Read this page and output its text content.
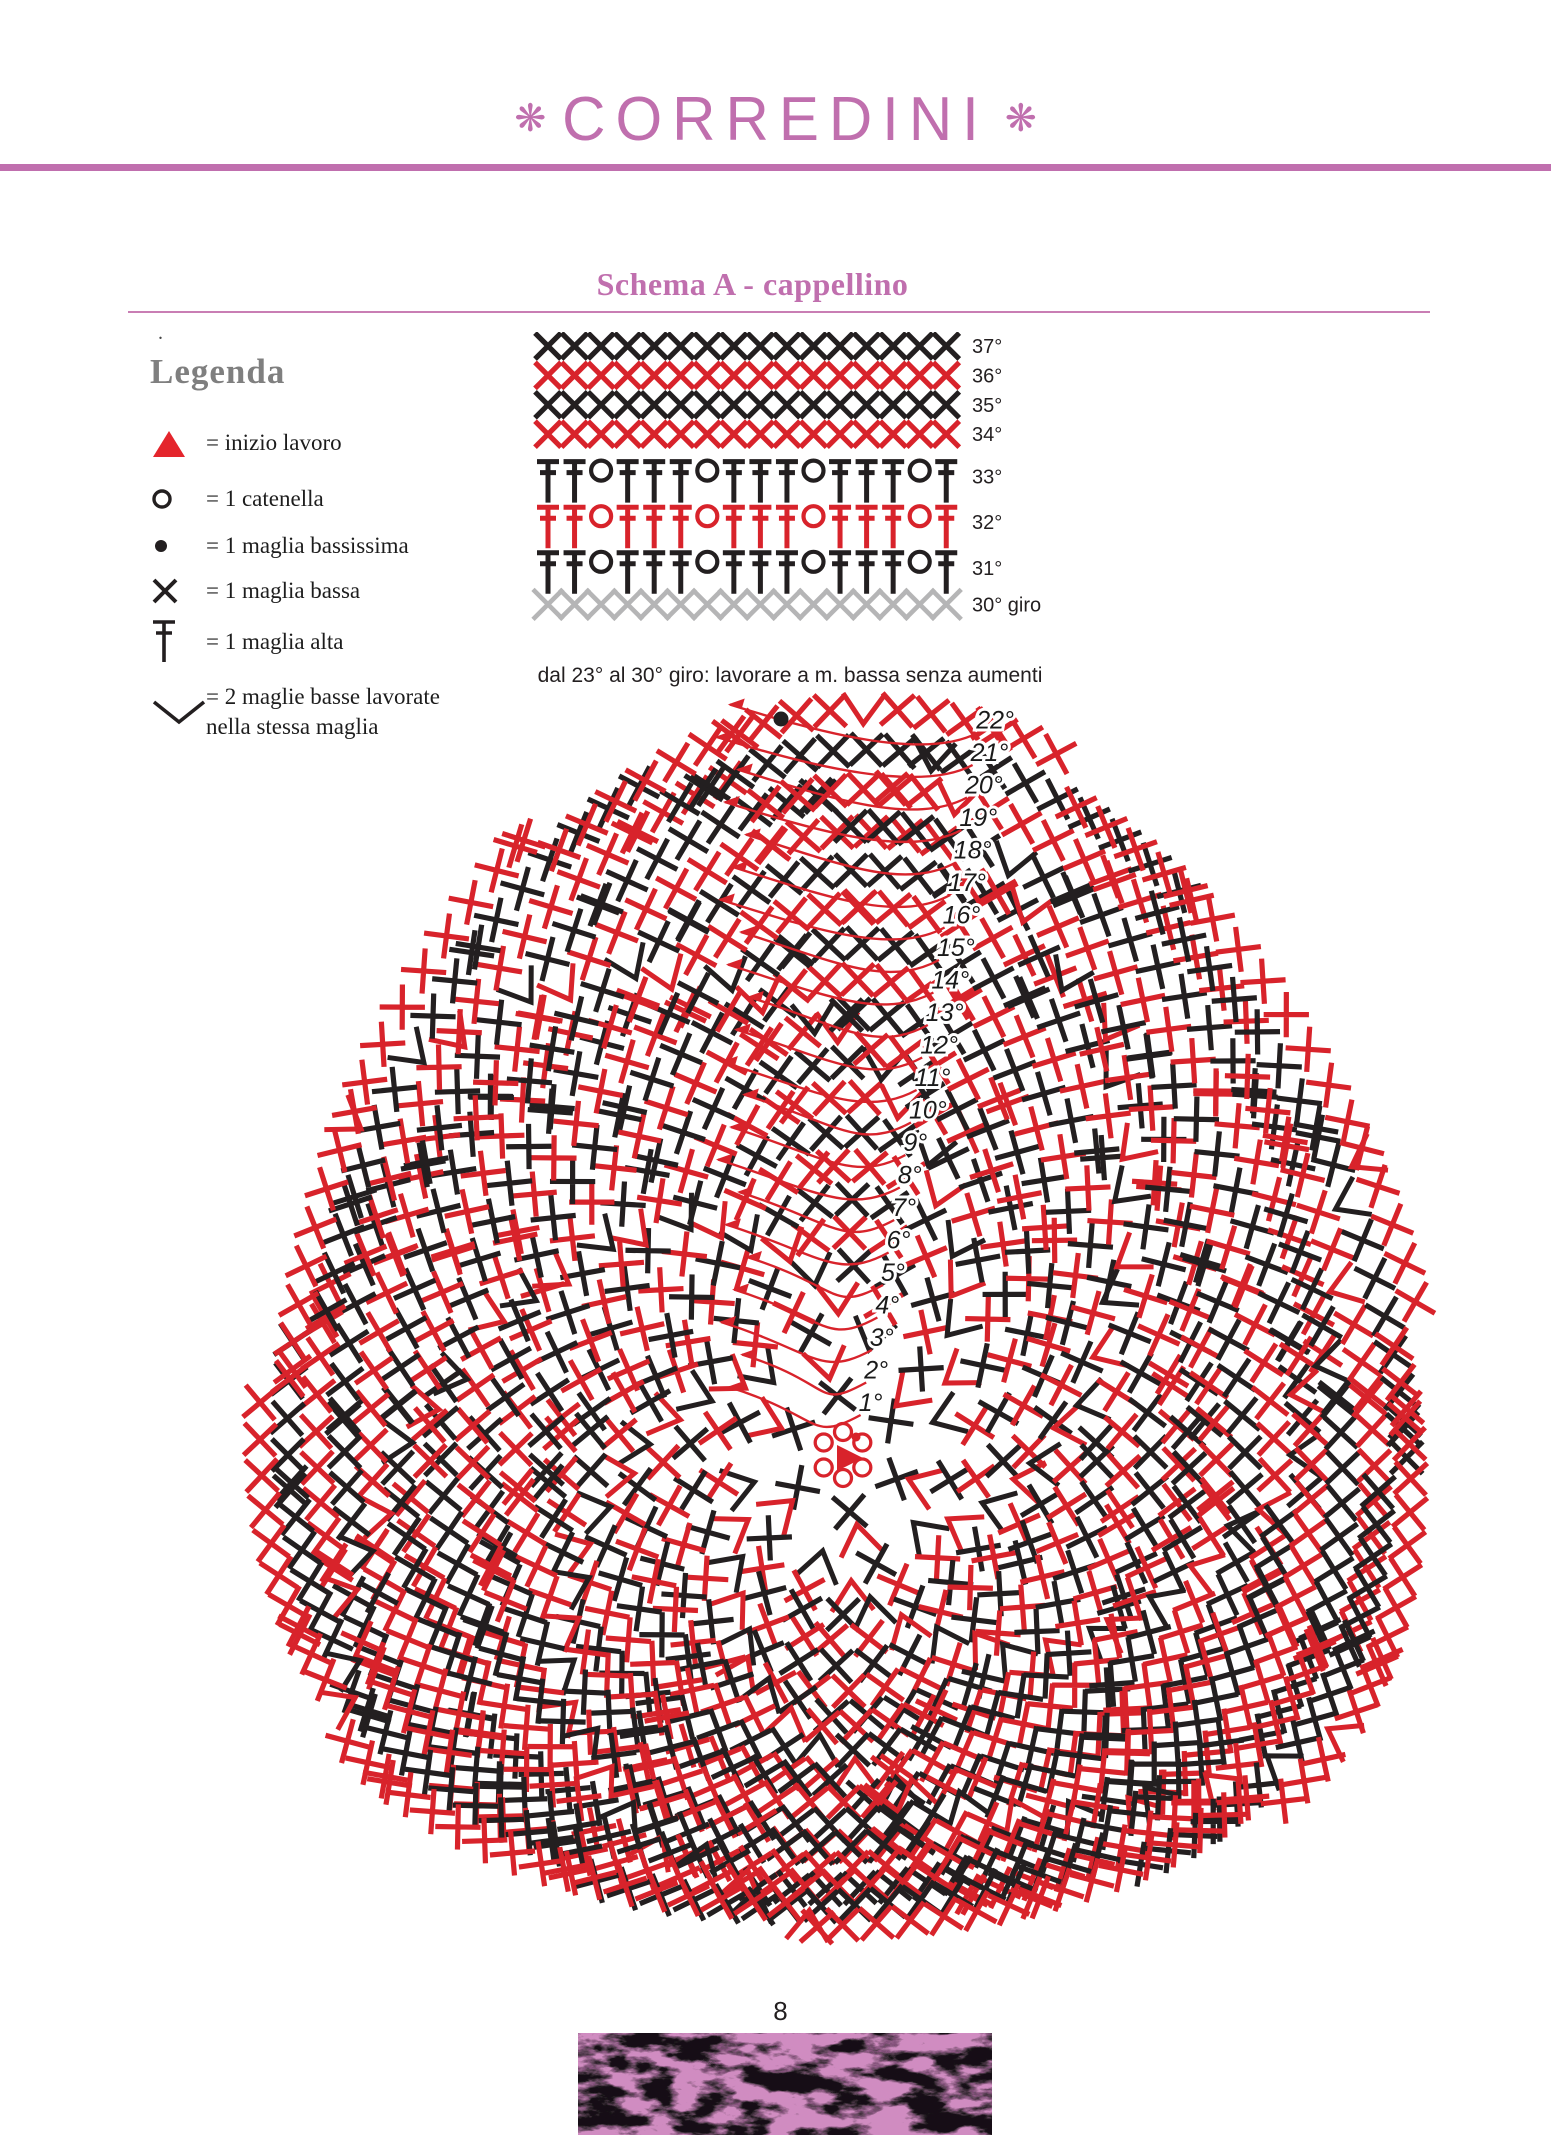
❋ CORREDINI ❋
Schema A - cappellino
.
Legenda
= inizio lavoro
= 1 catenella
= 1 maglia bassissima
= 1 maglia bassa
= 1 maglia alta
= 2 maglie basse lavorate
nella stessa maglia
37°
36°
35°
34°
33°
32°
31°
30° giro
dal 23° al 30° giro: lavorare a m. bassa senza aumenti
1°
2°
3°
4°
5°
6°
7°
8°
9°
10°
11°
12°
13°
14°
15°
16°
17°
18°
19°
20°
21°
22°
8
